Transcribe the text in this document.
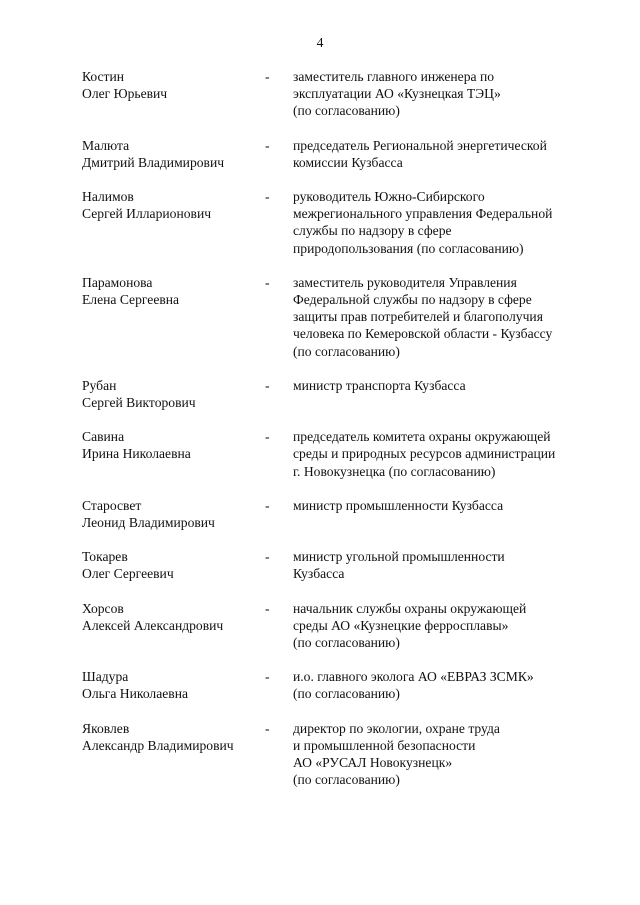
4
Костин
Олег Юрьевич
- заместитель главного инженера по
эксплуатации АО «Кузнецкая ТЭЦ»
(по согласованию)
Малюта
Дмитрий Владимирович
- председатель Региональной энергетической
комиссии Кузбасса
Налимов
Сергей Илларионович
- руководитель Южно-Сибирского
межрегионального управления Федеральной
службы по надзору в сфере
природопользования (по согласованию)
Парамонова
Елена Сергеевна
- заместитель руководителя Управления
Федеральной службы по надзору в сфере
защиты прав потребителей и благополучия
человека по Кемеровской области - Кузбассу
(по согласованию)
Рубан
Сергей Викторович
- министр транспорта Кузбасса
Савина
Ирина Николаевна
- председатель комитета охраны окружающей
среды и природных ресурсов администрации
г. Новокузнецка (по согласованию)
Старосвет
Леонид Владимирович
- министр промышленности Кузбасса
Токарев
Олег Сергеевич
- министр угольной промышленности
Кузбасса
Хорсов
Алексей Александрович
- начальник службы охраны окружающей
среды АО «Кузнецкие ферросплавы»
(по согласованию)
Шадура
Ольга Николаевна
- и.о. главного эколога АО «ЕВРАЗ ЗСМК»
(по согласованию)
Яковлев
Александр Владимирович
- директор по экологии, охране труда
и промышленной безопасности
АО «РУСАЛ Новокузнецк»
(по согласованию)
